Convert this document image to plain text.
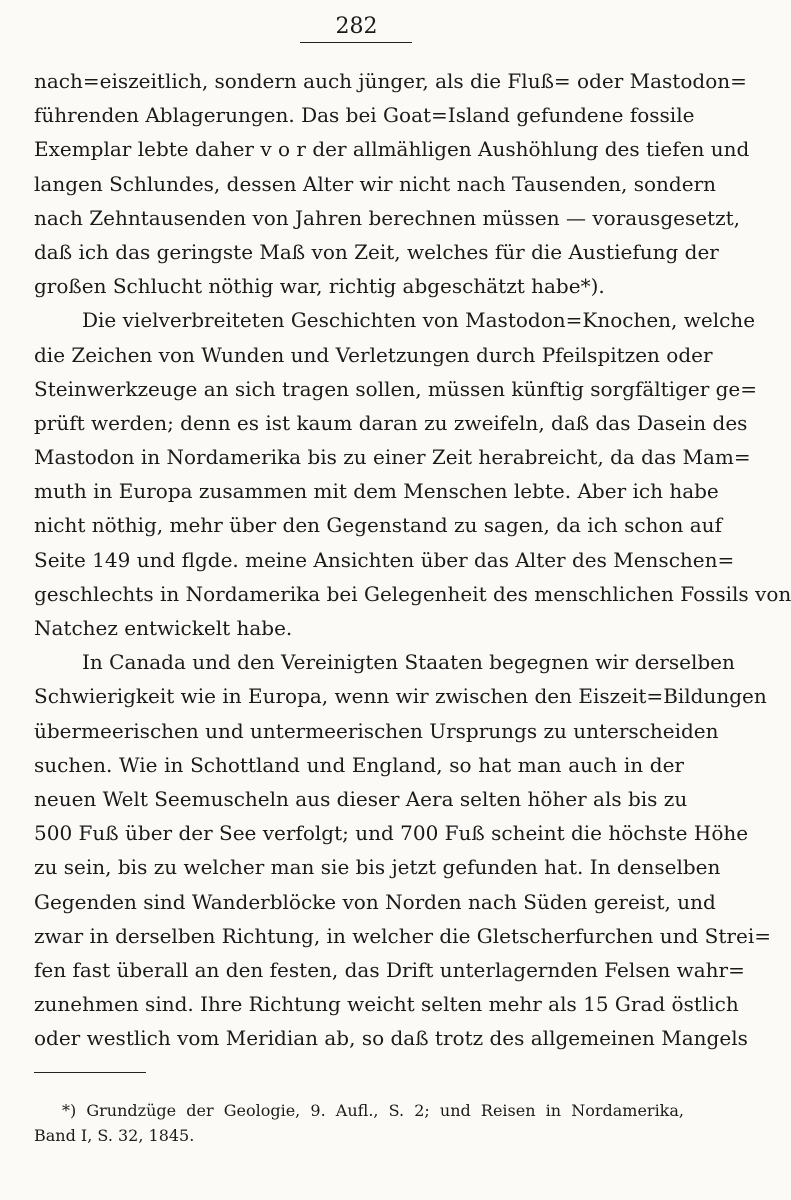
282
nach=eiszeitlich, sondern auch jünger, als die Fluß= oder Mastodon=
führenden Ablagerungen. Das bei Goat=Island gefundene fossile
Exemplar lebte daher v o r der allmähligen Aushöhlung des tiefen und
langen Schlundes, dessen Alter wir nicht nach Tausenden, sondern
nach Zehntausenden von Jahren berechnen müssen — vorausgesetzt,
daß ich das geringste Maß von Zeit, welches für die Austiefung der
großen Schlucht nöthig war, richtig abgeschätzt habe*).
Die vielverbreiteten Geschichten von Mastodon=Knochen, welche
die Zeichen von Wunden und Verletzungen durch Pfeilspitzen oder
Steinwerkzeuge an sich tragen sollen, müssen künftig sorgfältiger ge=
prüft werden; denn es ist kaum daran zu zweifeln, daß das Dasein des
Mastodon in Nordamerika bis zu einer Zeit herabreicht, da das Mam=
muth in Europa zusammen mit dem Menschen lebte. Aber ich habe
nicht nöthig, mehr über den Gegenstand zu sagen, da ich schon auf
Seite 149 und flgde. meine Ansichten über das Alter des Menschen=
geschlechts in Nordamerika bei Gelegenheit des menschlichen Fossils von
Natchez entwickelt habe.
In Canada und den Vereinigten Staaten begegnen wir derselben
Schwierigkeit wie in Europa, wenn wir zwischen den Eiszeit=Bildungen
übermeerischen und untermeerischen Ursprungs zu unterscheiden
suchen. Wie in Schottland und England, so hat man auch in der
neuen Welt Seemuscheln aus dieser Aera selten höher als bis zu
500 Fuß über der See verfolgt; und 700 Fuß scheint die höchste Höhe
zu sein, bis zu welcher man sie bis jetzt gefunden hat. In denselben
Gegenden sind Wanderblöcke von Norden nach Süden gereist, und
zwar in derselben Richtung, in welcher die Gletscherfurchen und Strei=
fen fast überall an den festen, das Drift unterlagernden Felsen wahr=
zunehmen sind. Ihre Richtung weicht selten mehr als 15 Grad östlich
oder westlich vom Meridian ab, so daß trotz des allgemeinen Mangels
*) Grundzüge der Geologie, 9. Aufl., S. 2; und Reisen in Nordamerika,
Band I, S. 32, 1845.
